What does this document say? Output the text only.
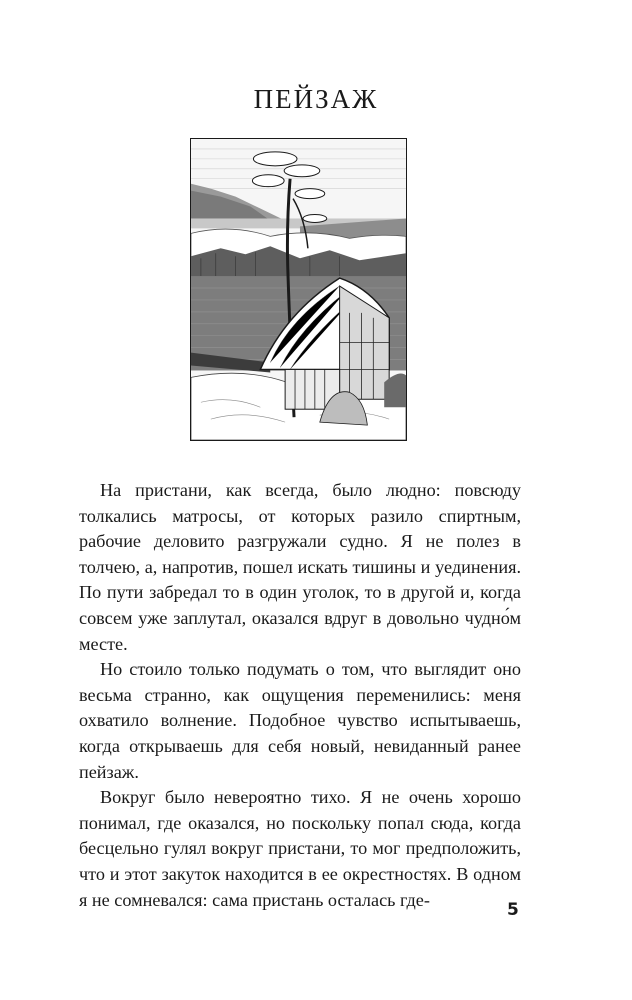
ПЕЙЗАЖ

На пристани, как всегда, было людно: повсюду толкались матросы, от которых разило спиртным, рабочие деловито разгружали судно. Я не полез в толчею, а, напротив, пошел искать тишины и уединения. По пути забредал то в один уголок, то в другой и, когда совсем уже заплутал, оказался вдруг в довольно чудно́м месте.

Но стоило только подумать о том, что выглядит оно весьма странно, как ощущения переменились: меня охватило волнение. Подобное чувство испытываешь, когда открываешь для себя новый, невиданный ранее пейзаж.

Вокруг было невероятно тихо. Я не очень хорошо понимал, где оказался, но поскольку попал сюда, когда бесцельно гулял вокруг пристани, то мог предположить, что и этот закуток находится в ее окрестностях. В одном я не сомневался: сама пристань осталась где-

5
